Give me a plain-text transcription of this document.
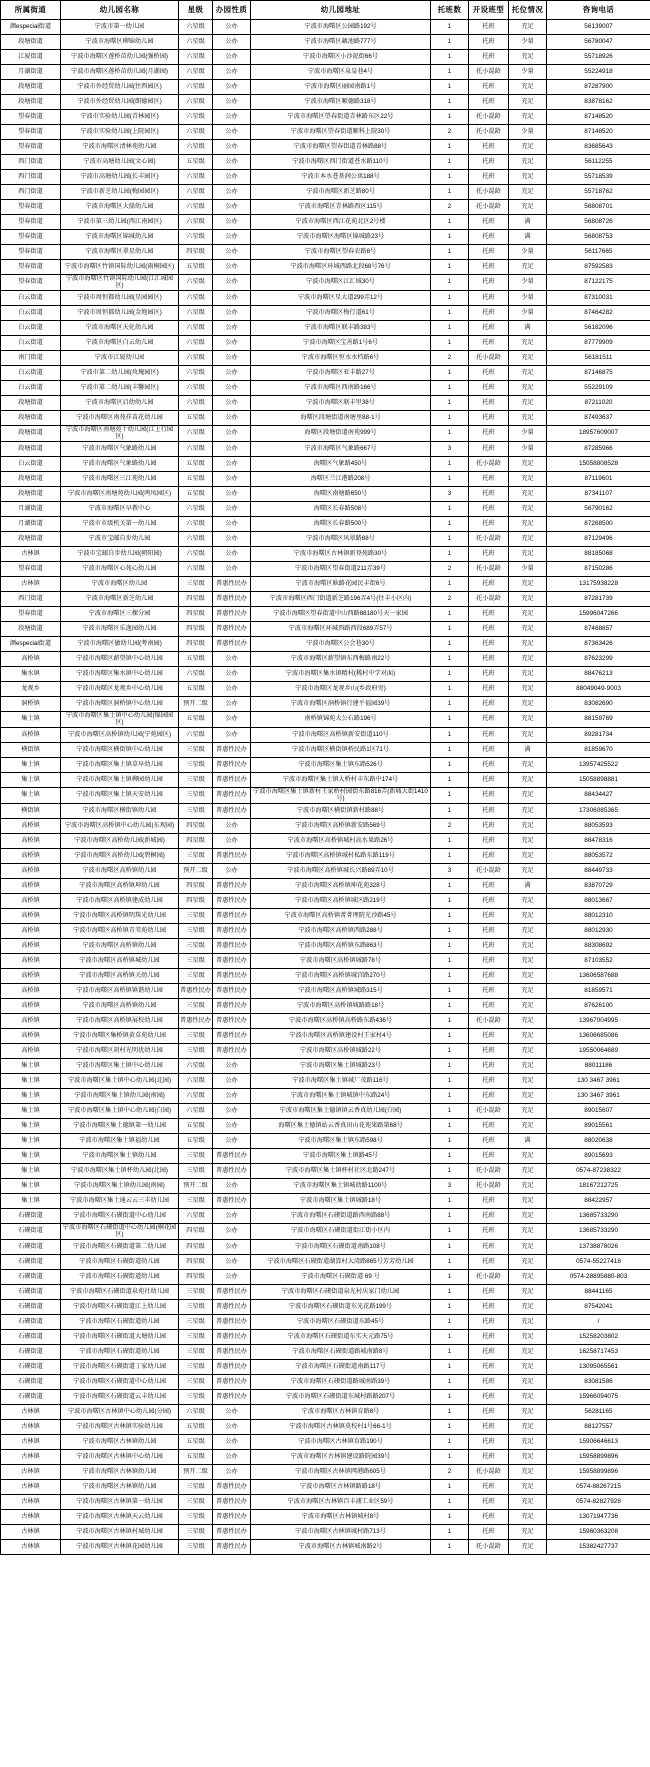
所属街道	幼儿园名称	星级	办园性质	幼儿园地址	托班数	开设班型	托位情况	咨询电话
颜especial街道	宁波市第一幼儿园	六星级	公办	宁波市海曙区公园路192号	1	托班	充足	56139007
段塘街道	宁波市海曙区柳锦幼儿园	六星级	公办	宁波市海曙区藕池路777号	1	托班	少量	56780047
江厦街道	宁波市海曙区莲桥苗幼儿园(强桥园)	六星级	公办	宁波市海曙区小沙泥街66号	1	托班	充足	55718926
月湖街道	宁波市海曙区莲桥苗幼儿园(月湖园)	六星级	公办	宁波市海曙区泉皇巷4号	1	托小混龄	少量	55224918
段塘街道	宁波市外经贸幼儿园(往西园区)	六星级	公办	宁波市海曙区丽园南路1号	1	托班	充足	87287900
段塘街道	宁波市外经贸幼儿园(朗德园区)	六星级	公办	宁波市海曙区顺德路318号	1	托班	充足	83878162
望春街道	宁波市实验幼儿园(青林园区)	六星级	公办	宁波市海曙区望春街道青林路东区22号	1	托小混龄	充足	87148520
望春街道	宁波市实验幼儿园(上院园区)	六星级	公办	宁波市海曙区望春街道顺科上院30号	2	托小混龄	少量	87148520
望春街道	宁波市海曙区清林苑幼儿园	六星级	公办	宁波市海曙区望春街道青林路88号	1	托班	充足	83685643
西门街道	宁波市高塘幼儿园(文心园)	五星级	公办	宁波市海曙区西门街道苍水路110号	1	托班	充足	56112255
西门街道	宁波市高塘幼儿园(长丰园区)	六星级	公办	宁波市本水苍基润公寓188号	1	托班	充足	55718539
西门街道	宁波市新芝幼儿园(梅园园区)	六星级	公办	宁波市海曙区新芝路80号	1	托小混龄	充足	55718762
望春街道	宁波市海曙区大鼎幼儿园	六星级	公办	宁波市海曙区青林路西区115号	2	托小混龄	充足	56808701
望春街道	宁波市第三幼儿园(西江南园区)	六星级	公办	宁波市海曙区西江花苑北区2号楼	1	托班	满	56808726
望春街道	宁波市海曙区锦城幼儿园	六星级	公办	宁波市海曙区海曙区锦城路23号	1	托班	满	56808753
望春街道	宁波市海曙区翠星幼儿园	四星级	公办	宁波市海曙区望春农路8号	1	托班	少量	56117665
望春街道	宁波市海曙区竹镇国际幼儿园(雨桐园区)	五星级	公办	宁波市海曙区环城西路北段68号76号	1	托班	充足	87592583
望春街道	宁波市海曙区竹镇国际幼儿园(江汇城园区)	六星级	公办	宁波市海曙区江汇城30号	1	托班	少量	87122175
白云街道	宁波市周恒都幼儿园(星园园区)	六星级	公办	宁波市海曙区星大道299弄12号	1	托班	少量	87310031
白云街道	宁波市周恒都幼儿园(金地园区)	六星级	公办	宁波市海曙区梅行道61号	1	托班	少量	87464282
白云街道	宁波市海曙区天化幼儿园	六星级	公办	宁波市海曙区联丰路383号	1	托班	满	56182096
白云街道	宁波市海曙区白云幼儿园	六星级	公办	宁波市海曙区宝善路1号6号	1	托班	充足	87779909
南门街道	宁波市江厦幼儿园	六星级	公办	宁波市海曙区恒水水档路6号	2	托小混龄	充足	56181511
白云街道	宁波市第二幼儿园(玫瑰园区)	六星级	公办	宁波市海曙区亚丰路27号	1	托班	充足	87146875
白云街道	宁波市第二幼儿园(丰馨园区)	六星级	公办	宁波市海曙区西南路166号	1	托班	充足	55229109
段塘街道	宁波市海曙区启幼幼儿园	六星级	公办	宁波市海曙区联丰里38号	1	托班	充足	87211020
段塘街道	宁波市海曙区南苑祥苗花幼儿园	五星级	公办	海曙区段塘街道南塘里88-1号	1	托班	充足	87493637
段塘街道	宁波市海曙区南塘苑十幼儿园(江上行园区)	六星级	公办	海曙区段塘街道南苑999号	1	托班	少量	18957609007
段塘街道	宁波市海曙区气象路幼儿园	六星级	公办	宁波市海曙区气象路667号	3	托班	少量	87285966
白云街道	宁波市海曙区气象路幼儿园	五星级	公办	海曙区气象路450号	1	托小混龄	充足	15058808528
段塘街道	宁波市海曙区三江苑幼儿园	五星级	公办	海曙区兰江港路208号	1	托班	充足	87119601
段塘街道	宁波市海曙区南塘苑幼儿园(鸣凤园区)	五星级	公办	海曙区南塘路650号	3	托班	充足	87341107
月湖街道	宁波市海曙区早教中心	六星级	公办	海曙区长春路508号	1	托班	充足	56790162
月湖街道	宁波市市级机关第一幼儿园	六星级	公办	海曙区长春路500号	1	托班	充足	87268500
段塘街道	宁波市宝邮自步幼儿园	六星级	公办	宁波市海曙区风翠路88号	1	托小混龄	充足	87129496
古林镇	宁波市宝邮自步幼儿园(朝阳园)	六星级	公办	宁波市海曙区古林镇新登苑路30号	1	托班	充足	88185068
望春街道	宁波市海曙区心苑心幼儿园	六星级	公办	宁波市海曙区望春街道211弄39号	2	托小混龄	少量	87150286
古林镇	宁波市海曙区幼儿园	三星级	普惠性民办	宁波市海曙区耿路花园民丰街6号	1	托班	充足	13175938228
西门街道	宁波市海曙区新芝幼儿园	四星级	普惠性民办	宁波市海曙区西门街道新芝路196弄4号(往丰小区内)	2	托小混龄	充足	87281739
望春街道	宁波市海曙区三棵分园	四星级	普惠性民办	宁波市海曙区望春街道中山西路88180号天一家园	1	托班	充足	15996047266
段塘街道	宁波市海曙区乐逸园幼儿园	四星级	普惠性民办	宁波市海曙区环城西路西段689弄57号	1	托班	充足	87468857
颜especial街道	宁波市海曙区敏幼儿园(考南园)	四星级	普惠性民办	宁波市海曙区公会巷30号	1	托班	充足	87363426
高桥镇	宁波市海曙区薪望镇中心幼儿园	五星级	公办	宁波市海曙区薪望镇东西梅路南22号	1	托班	充足	87623299
集水镇	宁波市海曙区集水镇中心幼儿园	六星级	公办	宁波市海曙区集水镇精村(稀村中学对面)	1	托班	充足	88476213
龙观乡	宁波市海曙区龙观乡中心幼儿园	五星级	公办	宁波市海曙区龙观乡山(乡政府旁)	1	托班	充足	88049049-9003
洞桥镇	宁波市海曙区洞桥镇中心幼儿园	预开二级	公办	宁波市海曙区洞桥镇行建平福园39号	1	托班	充足	83082690
集土镇	宁波市海曙区集土镇中心幼儿园(锦园园区)	五星级	公办	南桥镇锦苑大公石路196号	1	托班	充足	88159769
高桥镇	宁波市海曙区高桥镇幼儿园(宁苑园区)	六星级	公办	宁波市海曙区高桥镇新安街道110号	1	托班	充足	89281734
横街镇	宁波市海曙区横街镇中心幼儿园	三星级	普惠性民办	宁波市海曙区横街镇桥民路1区71号	1	托班	满	81859670
集土镇	宁波市海曙区集土镇草早幼儿园	三星级	普惠性民办	宁波市海曙区集土镇东路526号	1	托班	充足	13957425522
集土镇	宁波市海曙区集土镇柳园幼儿园	三星级	普惠性民办	宁波市海曙区集土镇大桥村丰东路中174号	1	托班	充足	15058898881
集土镇	宁波市海曙区集土镇天安幼儿园	三星级	普惠性民办	宁波市海曙区集土镇新村王家桥村园街东路816弄(新城大街1410号)	1	托班	充足	88434427
横街镇	宁波市海曙区横街镇幼儿园	三星级	普惠性民办	宁波市海曙区横街镇新村路88号	1	托班	充足	17306085365
高桥镇	宁波市海曙区高桥镇中心幼儿园(东观园)	四星级	公办	宁波市海曙区高桥镇新安路569号	2	托班	充足	88053593
高桥镇	宁波市海曙区高桥幼儿园(新城园)	四星级	公办	宁波市海曙区高桥镇城村高水果路26号	1	托班	充足	88478316
高桥镇	宁波市海曙区高桥幼儿园(碧桐园)	三星级	普惠性民办	宁波市海曙区高桥镇城村私路东路119号	1	托班	充足	88053572
高桥镇	宁波市海曙区高桥镇幼儿园	预开二级	公办	宁波市海曙区高桥镇城长兴路89弄10号	3	托小混龄	充足	88449733
高桥镇	宁波市海曙区高桥镇坤幼儿园	四星级	普惠性民办	宁波市海曙区高桥镇坤花苑328号	1	托班	满	83870729
高桥镇	宁波市海曙区高桥镇建成幼儿园	四星级	普惠性民办	宁波市海曙区高桥镇城区路219号	1	托班	充足	88013667
高桥镇	宁波市海曙区高桥镇明珠光幼儿园	三星级	普惠性民办	宁波市海曙区高桥镇菁菁理院光沙路45号	1	托班	充足	88012310
高桥镇	宁波市海曙区高桥镇青苇苑幼儿园	三星级	普惠性民办	宁波市海曙区高桥镇西路288号	1	托班	充足	88012930
高桥镇	宁波市海曙区高桥镇幼儿园	三星级	普惠性民办	宁波市海曙区高桥镇东路863号	1	托班	充足	88308692
高桥镇	宁波市海曙区高桥镇城幼儿园	三星级	普惠性民办	宁波市海曙区高桥镇城路78号	1	托班	充足	87103552
高桥镇	宁波市海曙区高桥镇关幼儿园	三星级	普惠性民办	宁波市海曙区高桥镇城宫路270号	1	托班	充足	13606587688
高桥镇	宁波市海曙区高桥镇镇谐幼儿园	普惠性民办	普惠性民办	宁波市海曙区高桥镇城路315号	1	托班	充足	81859571
高桥镇	宁波市海曙区高桥镇幼儿园	三星级	普惠性民办	宁波市海曙区高桥镇城路路18号	1	托班	充足	87626100
高桥镇	宁波市海曙区高桥镇展校幼儿园	普惠性民办	普惠性民办	宁波市海曙区高桥镇高桥路东路436号	1	托小混龄	充足	13967004995
高桥镇	宁波市海曙区集桥镇黄草苑幼儿园	三星级	普惠性民办	宁波市海曙区高桥镇建设村王家村4号	1	托班	充足	13606685086
高桥镇	宁波市海曙区胡村光明优幼儿园	三星级	普惠性民办	宁波市海曙区高桥镇城路22号	1	托班	充足	19550064689
集土镇	宁波市海曙区集土镇中心幼儿园	六星级	公办	宁波市海曙区集土镇城路23号	1	托班	充足	88011186
集土镇	宁波市海曙区集土镇中心幼儿园(北园)	六星级	公办	宁波市海曙区集土镇城厂茂路116号	1	托班	充足	130 3467 3961
集土镇	宁波市海曙区集土镇幼儿园(南园)	六星级	公办	宁波市海曙区集土镇城镇中东路24号	1	托班	充足	130 3467 3961
集土镇	宁波市海曙区集土镇中心幼儿园(白园)	六星级	公办	宁波市海曙区集土德镇镇云香真幼儿园(白园)	1	托小混龄	充足	89015607
集土镇	宁波市海曙区集土德镇第一幼儿园	五星级	公办	海曙区集土德镇站云香真田山花苑果路第68号	1	托班	充足	89015561
集土镇	宁波市海曙区集土镇福幼儿园	五星级	公办	宁波市海曙区集土镇东路598号	1	托班	满	88020638
集土镇	宁波市海曙区集土镇幼儿园	三星级	普惠性民办	宁波市海曙区集土镇路45号	1	托班	充足	89015693
集土镇	宁波市海曙区集土镇杯幼儿园(北园)	三星级	普惠性民办	宁波市海曙区集土镇杯村社区北路247号	1	托小混龄	充足	0574-87238322
集土镇	宁波市海曙区集土镇幼儿园(南园)	预开二级	公办	宁波市海曙区集土镇城幼路1100号	3	托小混龄	充足	18167212725
集土镇	宁波市海曙区集土通云云三丰幼儿园	三星级	普惠性民办	宁波市海曙区集土镇城路18号	1	托班	充足	88422957
石碶街道	宁波市海曙区石碶街道中心幼儿园	六星级	公办	宁波市海曙区石碶街道路西南路88号	1	托班	充足	13685733290
石碶街道	宁波市海曙区石碶街道中心幼儿园(桐花园区)	四星级	公办	宁波市海曙区石碶街道街江街小区内	1	托班	充足	13685733290
石碶街道	宁波市海曙区石碶街道第二幼儿园	四星级	公办	宁波市海曙区石碶街道南路108号	1	托班	充足	13738878026
石碶街道	宁波市海曙区石碶街道幼儿园	四星级	公办	宁波市海曙区石碶街道湖算村大湾路865号芳芳幼儿园	1	托班	充足	0574-55227418
石碶街道	宁波市海曙区石碶街道幼儿园	四星级	公办	宁波市海曙区石碶街道 69 号	1	托小混龄	充足	0574-28895880-803
石碶街道	宁波市海曙区石碶街道泉苑社幼儿园	三星级	普惠性民办	宁波市海曙区石碶街道泉光村庆家门幼儿园	1	托班	充足	88441165
石碶街道	宁波市海曙区石碶街道江上幼儿园	三星级	普惠性民办	宁波市海曙区石碶街道东光花路199号	1	托班	充足	87542041
石碶街道	宁波市海曙区石碶街道幼儿园	三星级	普惠性民办	宁波市海曙区石碶街道东路45号	1	托班	充足	/
石碶街道	宁波市海曙区石碶街道大塘幼儿园	三星级	普惠性民办	宁波市海曙区石碶街道东实天元路75号	1	托班	充足	15258203802
石碶街道	宁波市海曙区石碶街道幼儿园	三星级	普惠性民办	宁波市海曙区石碶街道路城南路8号	1	托班	充足	16258717453
石碶街道	宁波市海曙区石碶街道丁家幼儿园	三星级	普惠性民办	宁波市海曙区石碶街道南路117号	1	托班	充足	13095065561
石碶街道	宁波市海曙区石碶街道中心幼儿园	三星级	普惠性民办	宁波市海曙区石碶街道路城南路39号	1	托班	充足	83081586
石碶街道	宁波市海曙区石碶街道云丰幼儿园	三星级	普惠性民办	宁波市海曙区石碶街道东城村路路207号	1	托班	充足	15966094075
古林镇	宁波市海曙区古林镇中心幼儿园(分园)	六星级	公办	宁波市海曙区古林镇育路8号	1	托班	充足	56281165
古林镇	宁波市海曙区古林镇实验幼儿园	五星级	公办	宁波市海曙区古林镇莫校村1号66-1号	1	托班	充足	88127557
古林镇	宁波市海曙区古林镇幼儿园	五星级	公办	宁波市海曙区古林镇育路190号	1	托班	充足	15906646613
古林镇	宁波市海曙区古林镇中心幼儿园	五星级	公办	宁波市海曙区古林镇建设路院园39号	1	托班	充足	15958899896
古林镇	宁波市海曙区古林镇幼儿园	预开二级	公办	宁波市海曙区古林镇网港路605号	2	托小混龄	充足	15958899896
古林镇	宁波市海曙区古林镇幼儿园	三星级	普惠性民办	宁波市海曙区古林镇路路18号	1	托班	充足	0574-88267215
古林镇	宁波市海曙区古林镇第一幼儿园	三星级	普惠性民办	宁波市海曙区古林镇百丰浦工业区59号	1	托班	充足	0574-82827928
古林镇	宁波市海曙区古林镇天云幼儿园	三星级	普惠性民办	宁波市海曙区古林镇城村8号	1	托班	充足	13071947736
古林镇	宁波市海曙区古林镇村城幼儿园	三星级	普惠性民办	宁波市海曙区古林镇城村路713号	1	托班	充足	15960363208
古林镇	宁波市海曙区古林镇花园幼儿园	三星级	普惠性民办	宁波市海曙区古林镇城南路2号	1	托小混龄	充足	15382427737
